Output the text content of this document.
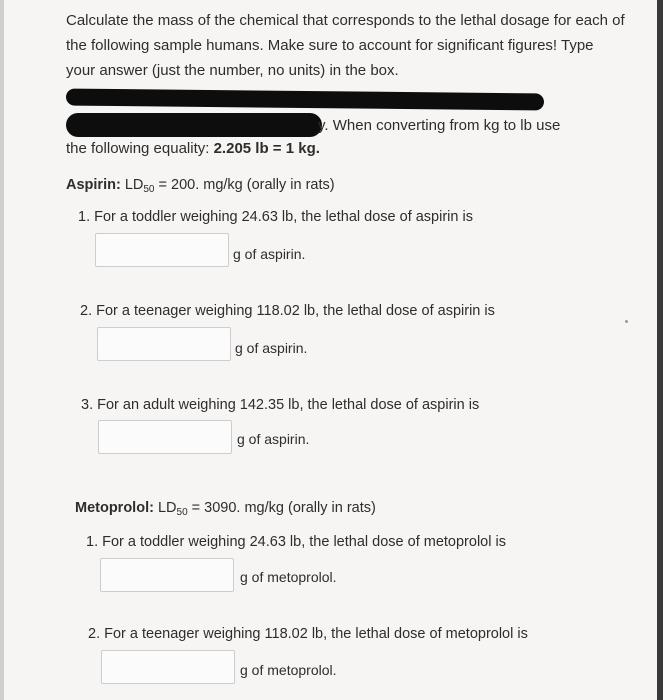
Calculate the mass of the chemical that corresponds to the lethal dosage for each of the following sample humans. Make sure to account for significant figures! Type your answer (just the number, no units) in the box.

y. When converting from kg to lb use
the following equality: 2.205 lb = 1 kg.
Aspirin: $LD_{50} = 200$. mg/kg (orally in rats)
1. For a toddler weighing 24.63 lb, the lethal dose of aspirin is
g of aspirin.
2. For a teenager weighing 118.02 lb, the lethal dose of aspirin is
g of aspirin.
3. For an adult weighing 142.35 lb, the lethal dose of aspirin is
g of aspirin.
Metoprolol: $LD_{50} = 3090$. mg/kg (orally in rats)
1. For a toddler weighing 24.63 lb, the lethal dose of metoprolol is
g of metoprolol.
2. For a teenager weighing 118.02 lb, the lethal dose of metoprolol is
g of metoprolol.
